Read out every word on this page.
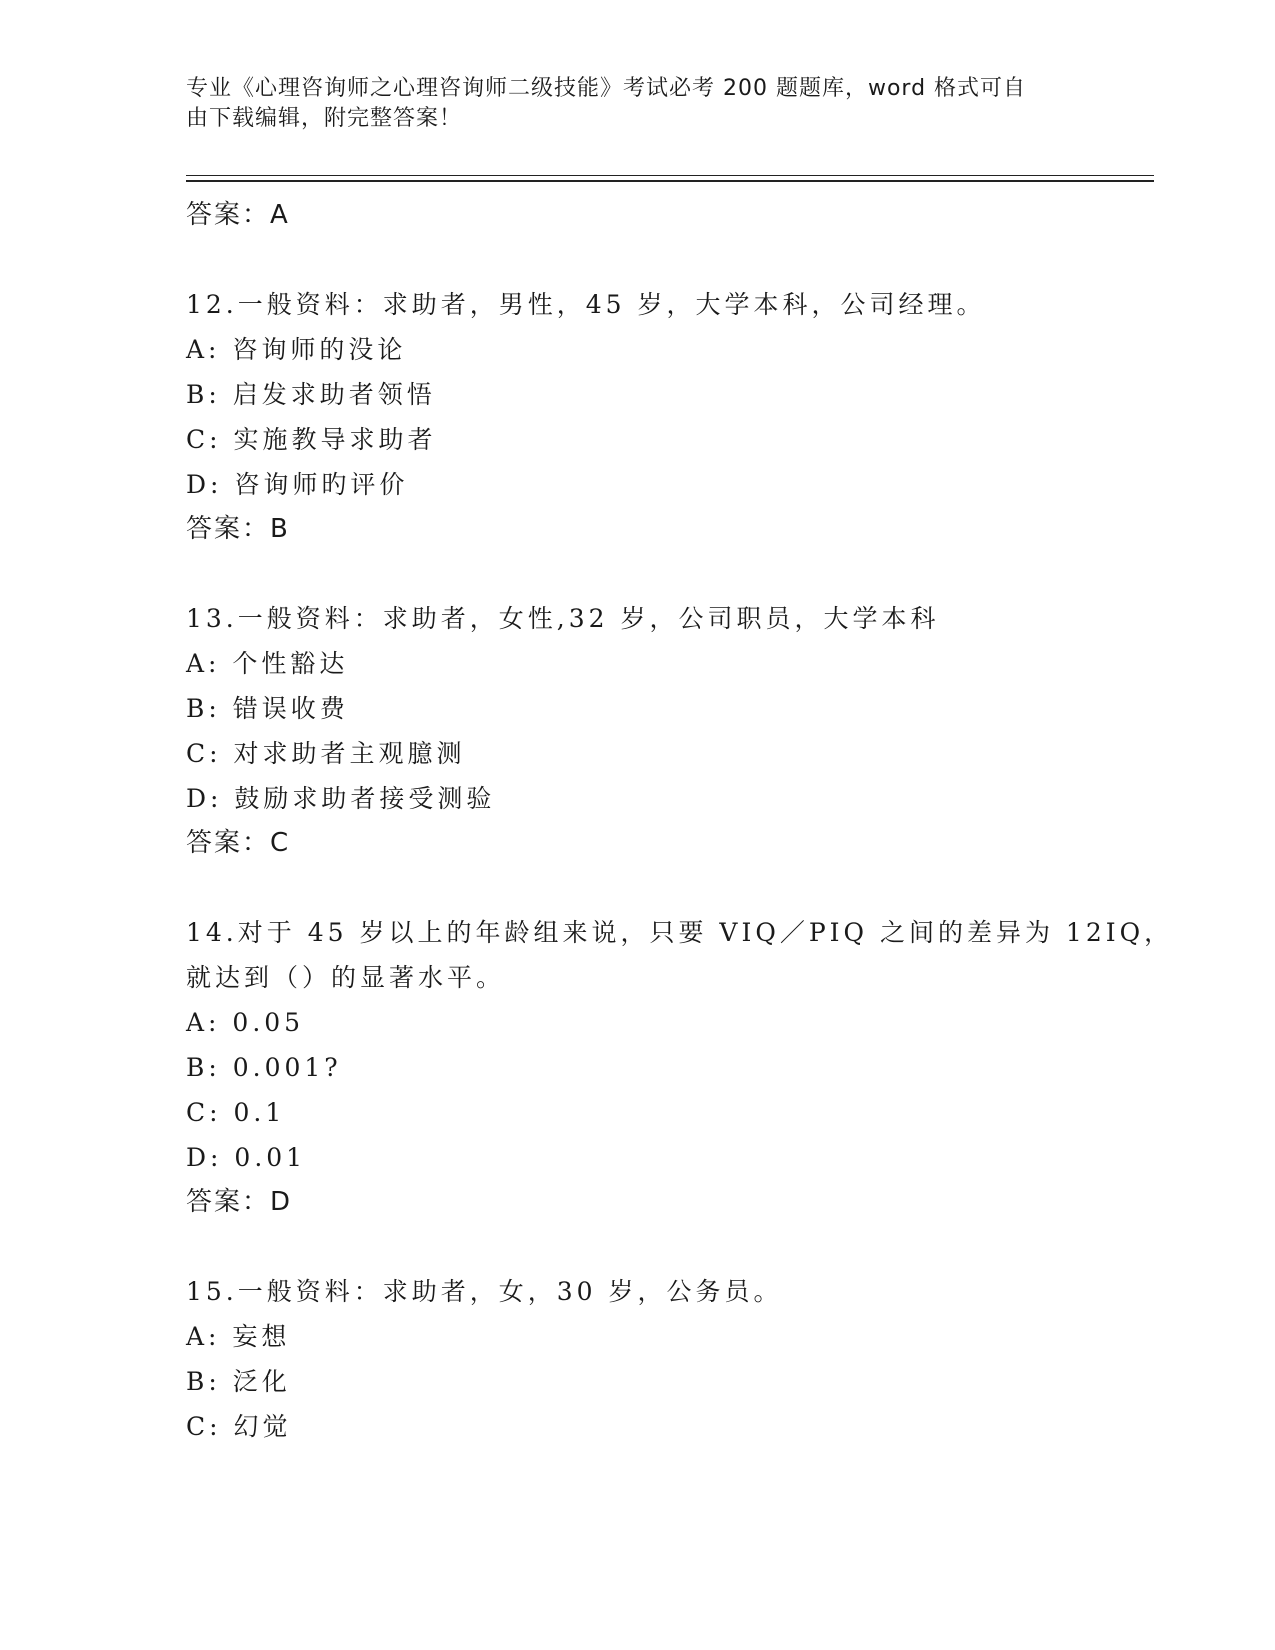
专业《心理咨询师之心理咨询师二级技能》考试必考 200 题题库，word 格式可自
由下载编辑，附完整答案！
答案：A
12.一般资料：求助者，男性，45 岁，大学本科，公司经理。
A: 咨询师的没论
B: 启发求助者领悟
C: 实施教导求助者
D: 咨询师旳评价
答案：B
13.一般资料：求助者，女性,32 岁，公司职员，大学本科
A: 个性豁达
B: 错误收费
C: 对求助者主观臆测
D: 鼓励求助者接受测验
答案：C
14.对于 45 岁以上的年龄组来说，只要 VIQ／PIQ 之间的差异为 12IQ，
就达到（）的显著水平。
A: 0.05
B: 0.001?
C: 0.1
D: 0.01
答案：D
15.一般资料：求助者，女，30 岁，公务员。
A: 妄想
B: 泛化
C: 幻觉
